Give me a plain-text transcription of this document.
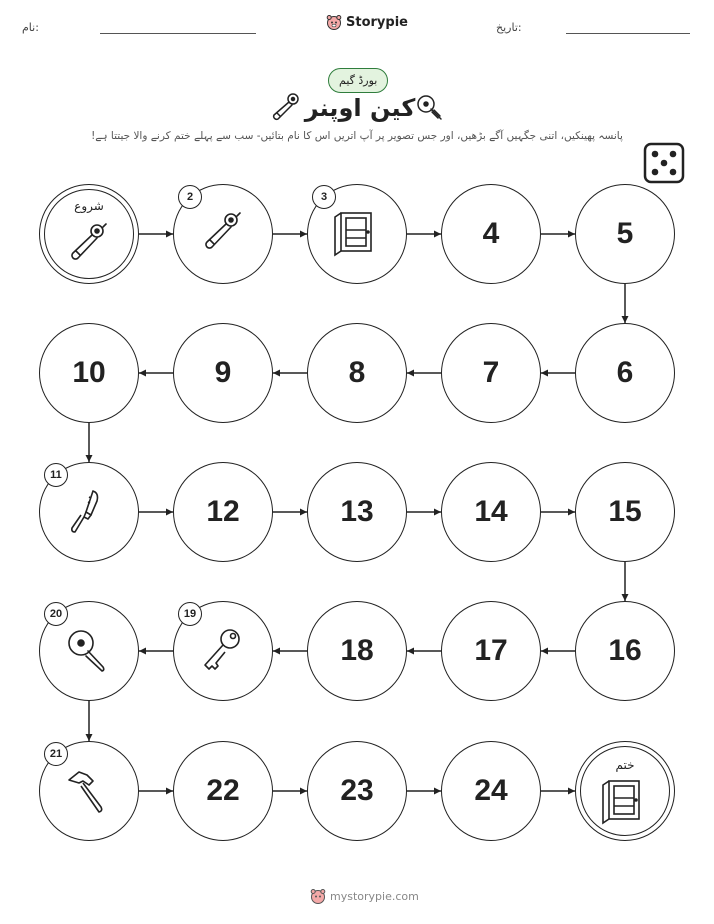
نام:	Storypie	تاریخ:
بورڈ گیم
کین اوپنر
پانسہ پھینکیں، اتنی جگہیں آگے بڑھیں، اور جس تصویر پر آپ اتریں اس کا نام بتائیں- سب سے پہلے ختم کرنے والا جیتتا ہے!
شروع
2	3
4	5
6
7
8
9
10
11
12	13	14	15
16
17
18
19
20
21
22	23	24
ختم
mystorypie.com
